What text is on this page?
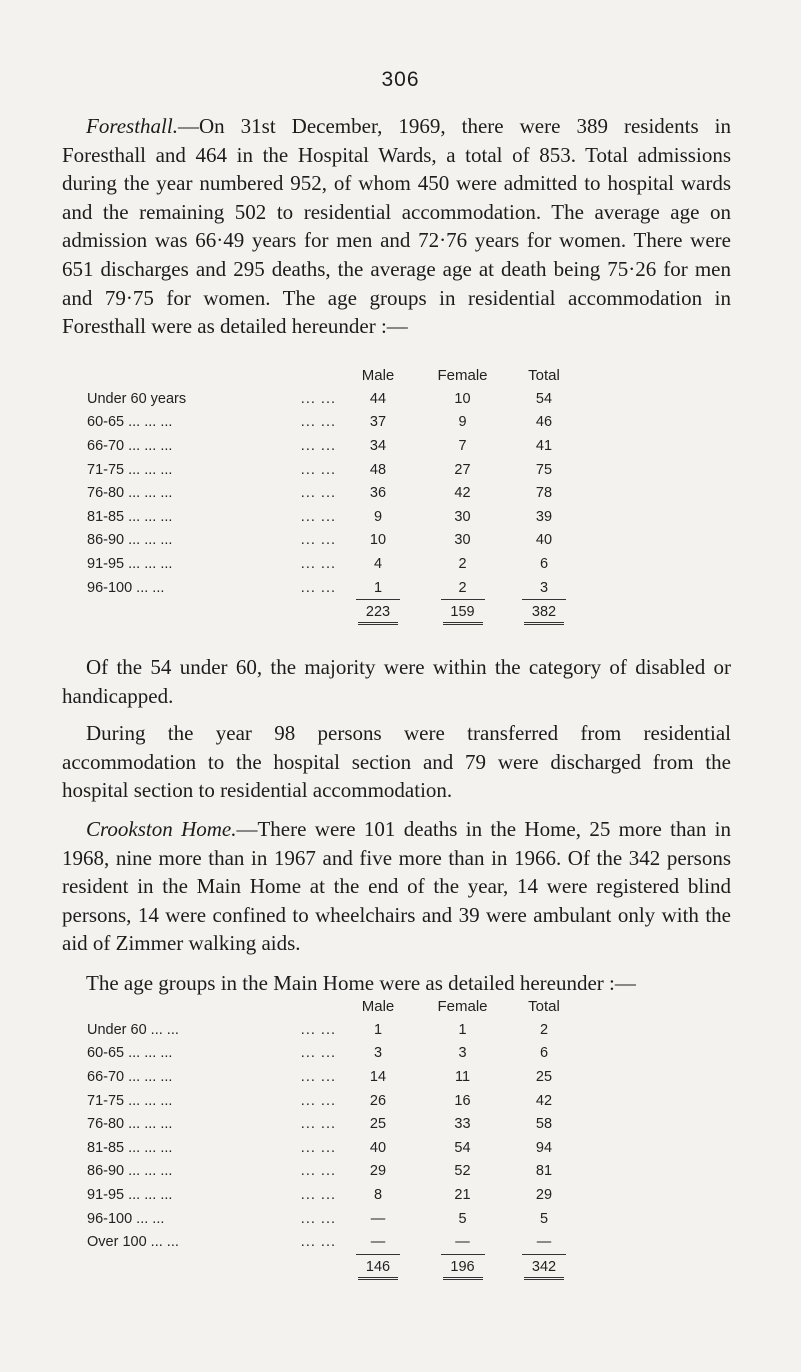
306

Foresthall.—On 31st December, 1969, there were 389 residents in Foresthall and 464 in the Hospital Wards, a total of 853. Total admissions during the year numbered 952, of whom 450 were admitted to hospital wards and the remaining 502 to residential accommodation. The average age on admission was 66·49 years for men and 72·76 years for women. There were 651 discharges and 295 deaths, the average age at death being 75·26 for men and 79·75 for women. The age groups in residential accommodation in Foresthall were as detailed hereunder :—

		Male	Female	Total
Under 60 years	... ...	44	10	54
60-65 ... ... ...	... ...	37	9	46
66-70 ... ... ...	... ...	34	7	41
71-75 ... ... ...	... ...	48	27	75
76-80 ... ... ...	... ...	36	42	78
81-85 ... ... ...	... ...	9	30	39
86-90 ... ... ...	... ...	10	30	40
91-95 ... ... ...	... ...	4	2	6
96-100 ... ...	... ...	1	2	3

		223	159	382

Of the 54 under 60, the majority were within the category of disabled or handicapped.

During the year 98 persons were transferred from residential accommodation to the hospital section and 79 were discharged from the hospital section to residential accommodation.

Crookston Home.—There were 101 deaths in the Home, 25 more than in 1968, nine more than in 1967 and five more than in 1966. Of the 342 persons resident in the Main Home at the end of the year, 14 were registered blind persons, 14 were confined to wheelchairs and 39 were ambulant only with the aid of Zimmer walking aids.

The age groups in the Main Home were as detailed hereunder :—

		Male	Female	Total
Under 60 ... ...	... ...	1	1	2
60-65 ... ... ...	... ...	3	3	6
66-70 ... ... ...	... ...	14	11	25
71-75 ... ... ...	... ...	26	16	42
76-80 ... ... ...	... ...	25	33	58
81-85 ... ... ...	... ...	40	54	94
86-90 ... ... ...	... ...	29	52	81
91-95 ... ... ...	... ...	8	21	29
96-100 ... ...	... ...	—	5	5
Over 100 ... ...	... ...	—	—	—

		146	196	342
